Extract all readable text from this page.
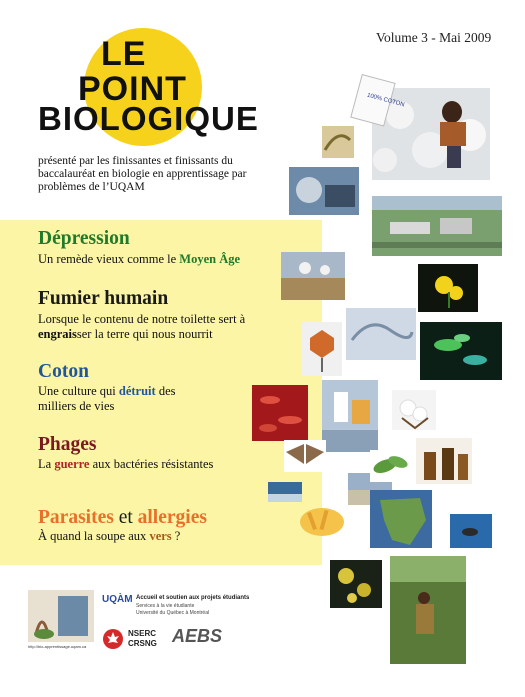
LE
POINT
BIOLOGIQUE
Volume 3 - Mai 2009
présenté par les finissantes et finissants du baccalauréat en biologie en apprentissage par problèmes de l’UQAM
Dépression
Un remède vieux comme le Moyen Âge
Fumier humain
Lorsque le contenu de notre toilette sert à
engraisser la terre qui nous nourrit
Coton
Une culture qui détruit des
milliers de vies
Phages
La guerre aux bactéries résistantes
Parasites et allergies
À quand la soupe aux vers ?
100% COTON
http://bio-apprentissage.uqam.ca
UQÀM Accueil et soutien aux projets étudiants
Services à la vie étudiante
Université du Québec à Montréal
NSERC
CRSNG AEBS
